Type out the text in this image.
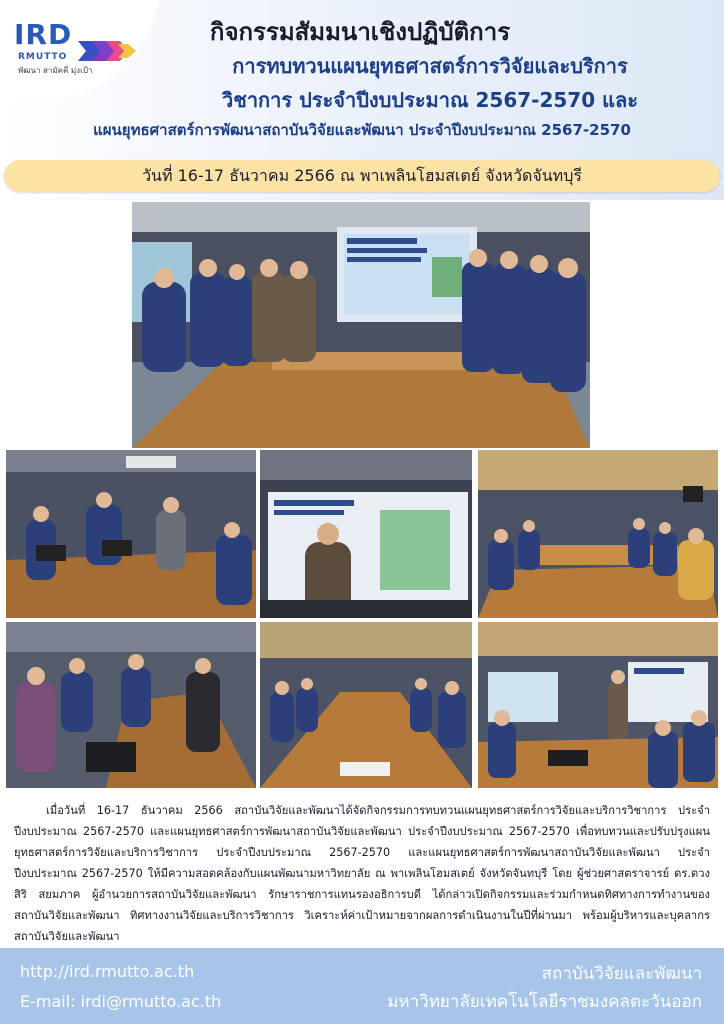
IRD
RMUTTO
พัฒนา สามัคคี มุ่งเป้า
กิจกรรมสัมมนาเชิงปฏิบัติการ
การทบทวนแผนยุทธศาสตร์การวิจัยและบริการ
วิชาการ ประจำปีงบประมาณ 2567-2570 และ
แผนยุทธศาสตร์การพัฒนาสถาบันวิจัยและพัฒนา ประจำปีงบประมาณ 2567-2570
วันที่ 16-17 ธันวาคม 2566 ณ พาเพลินโฮมสเตย์ จังหวัดจันทบุรี

เมื่อวันที่ 16-17 ธันวาคม 2566 สถาบันวิจัยและพัฒนาได้จัดกิจกรรมการทบทวนแผนยุทธศาสตร์การวิจัยและบริการวิชาการ ประจำปีงบประมาณ 2567-2570 และแผนยุทธศาสตร์การพัฒนาสถาบันวิจัยและพัฒนา ประจำปีงบประมาณ 2567-2570 เพื่อทบทวนและปรับปรุงแผนยุทธศาสตร์การวิจัยและบริการวิชาการ ประจำปีงบประมาณ 2567-2570 และแผนยุทธศาสตร์การพัฒนาสถาบันวิจัยและพัฒนา ประจำปีงบประมาณ 2567-2570 ให้มีความสอดคล้องกับแผนพัฒนามหาวิทยาลัย ณ พาเพลินโฮมสเตย์ จังหวัดจันทบุรี โดย ผู้ช่วยศาสตราจารย์ ดร.ดวงสิริ สยมภาค ผู้อำนวยการสถาบันวิจัยและพัฒนา รักษาราชการแทนรองอธิการบดี ได้กล่าวเปิดกิจกรรมและร่วมกำหนดทิศทางการทำงานของสถาบันวิจัยและพัฒนา ทิศทางงานวิจัยและบริการวิชาการ วิเคราะห์ค่าเป้าหมายจากผลการดำเนินงานในปีที่ผ่านมา พร้อมผู้บริหารและบุคลากรสถาบันวิจัยและพัฒนา

http://ird.rmutto.ac.th
E-mail: irdi@rmutto.ac.th
สถาบันวิจัยและพัฒนา
มหาวิทยาลัยเทคโนโลยีราชมงคลตะวันออก
